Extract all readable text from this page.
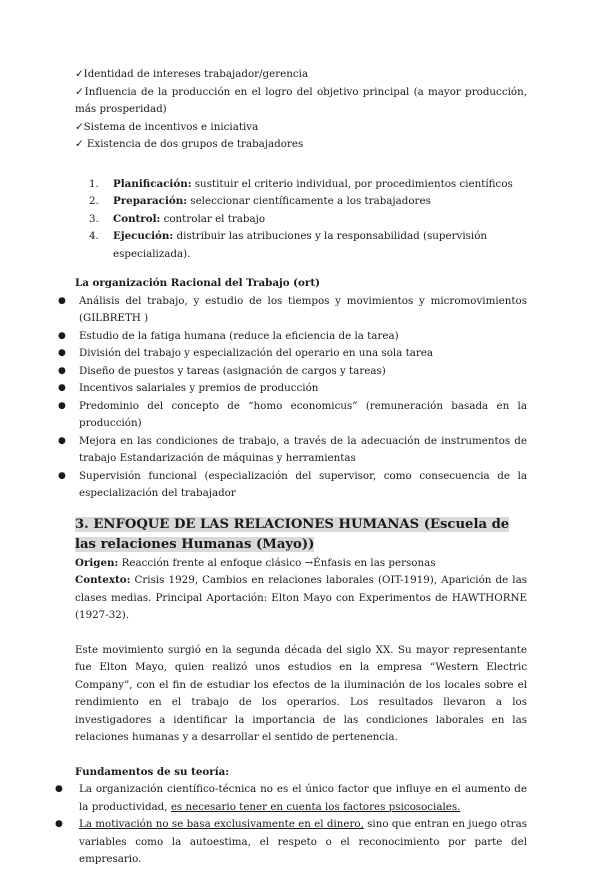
✓Identidad de intereses trabajador/gerencia

✓Influencia de la producción en el logro del objetivo principal (a mayor producción, más prosperidad)

✓Sistema de incentivos e iniciativa

✓ Existencia de dos grupos de trabajadores

1. Planificación: sustituir el criterio individual, por procedimientos científicos
2. Preparación: seleccionar científicamente a los trabajadores
3. Control: controlar el trabajo
4. Ejecución: distribuir las atribuciones y la responsabilidad (supervisión especializada).
La organización Racional del Trabajo (ort)
● Análisis del trabajo, y estudio de los tiempos y movimientos y micromovimientos (GILBRETH )
● Estudio de la fatiga humana (reduce la eficiencia de la tarea)
● División del trabajo y especialización del operario en una sola tarea
● Diseño de puestos y tareas (asignación de cargos y tareas)
● Incentivos salariales y premios de producción
● Predominio del concepto de “homo economicus” (remuneración basada en la producción)
● Mejora en las condiciones de trabajo, a través de la adecuación de instrumentos de trabajo Estandarización de máquinas y herramientas
● Supervisión funcional (especialización del supervisor, como consecuencia de la especialización del trabajador
3. ENFOQUE DE LAS RELACIONES HUMANAS (Escuela de las relaciones Humanas (Mayo))

Origen: Reacción frente al enfoque clásico →Énfasis en las personas

Contexto: Crisis 1929, Cambios en relaciones laborales (OIT-1919), Aparición de las clases medias. Principal Aportación: Elton Mayo con Experimentos de HAWTHORNE (1927-32).

Este movimiento surgió en la segunda década del siglo XX. Su mayor representante fue Elton Mayo, quien realizó unos estudios en la empresa “Western Electric Company”, con el fin de estudiar los efectos de la iluminación de los locales sobre el rendimiento en el trabajo de los operarios. Los resultados llevaron a los investigadores a identificar la importancia de las condiciones laborales en las relaciones humanas y a desarrollar el sentido de pertenencia.

Fundamentos de su teoría:
● La organización científico-técnica no es el único factor que influye en el aumento de la productividad, es necesario tener en cuenta los factores psicosociales.
● La motivación no se basa exclusivamente en el dinero, sino que entran en juego otras variables como la autoestima, el respeto o el reconocimiento por parte del empresario.
